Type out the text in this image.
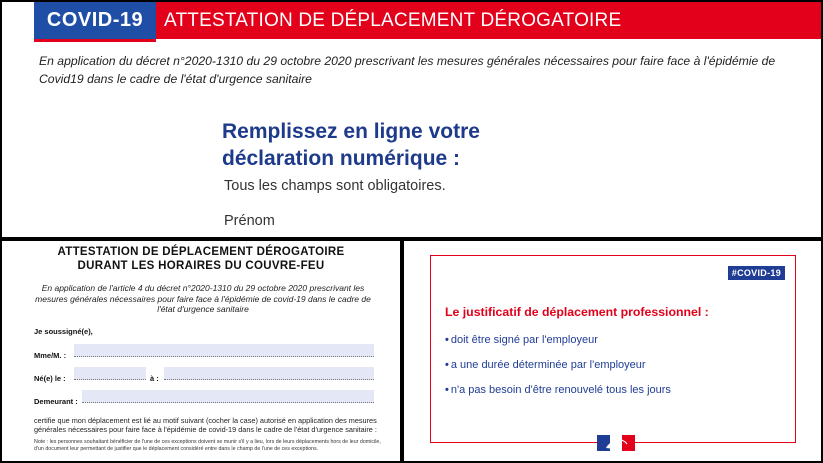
COVID-19	ATTESTATION DE DÉPLACEMENT DÉROGATOIRE
En application du décret n°2020-1310 du 29 octobre 2020 prescrivant les mesures générales nécessaires pour faire face à l'épidémie de Covid19 dans le cadre de l'état d'urgence sanitaire
Remplissez en ligne votre
déclaration numérique :
Tous les champs sont obligatoires.
Prénom
ATTESTATION DE DÉPLACEMENT DÉROGATOIRE
DURANT LES HORAIRES DU COUVRE-FEU
En application de l'article 4 du décret n°2020-1310 du 29 octobre 2020 prescrivant les mesures générales nécessaires pour faire face à l'épidémie de covid-19 dans le cadre de l'état d'urgence sanitaire
Je soussigné(e),
Mme/M. :
Né(e) le :	à :
Demeurant :
certifie que mon déplacement est lié au motif suivant (cocher la case) autorisé en application des mesures générales nécessaires pour faire face à l'épidémie de covid-19 dans le cadre de l'état d'urgence sanitaire :
Note : les personnes souhaitant bénéficier de l'une de ces exceptions doivent se munir s'il y a lieu, lors de leurs déplacements hors de leur domicile, d'un document leur permettant de justifier que le déplacement considéré entre dans le champ de l'une de ces exceptions.
#COVID-19
Le justificatif de déplacement professionnel :
• doit être signé par l'employeur
• a une durée déterminée par l'employeur
• n'a pas besoin d'être renouvelé tous les jours
